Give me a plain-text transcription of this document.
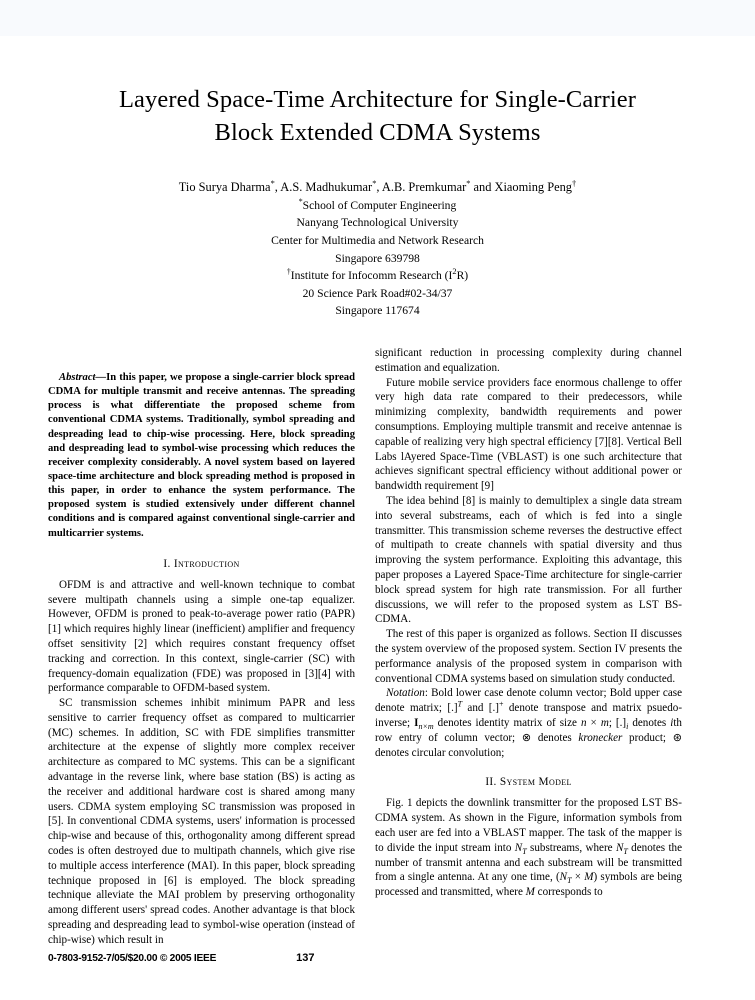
Layered Space-Time Architecture for Single-Carrier
Block Extended CDMA Systems
Tio Surya Dharma*, A.S. Madhukumar*, A.B. Premkumar* and Xiaoming Peng†
*School of Computer Engineering
Nanyang Technological University
Center for Multimedia and Network Research
Singapore 639798
†Institute for Infocomm Research $(I^2R)$
20 Science Park Road#02-34/37
Singapore 117674

Abstract—In this paper, we propose a single-carrier block spread CDMA for multiple transmit and receive antennas. The spreading process is what differentiate the proposed scheme from conventional CDMA systems. Traditionally, symbol spreading and despreading lead to chip-wise processing. Here, block spreading and despreading lead to symbol-wise processing which reduces the receiver complexity considerably. A novel system based on layered space-time architecture and block spreading method is proposed in this paper, in order to enhance the system performance. The proposed system is studied extensively under different channel conditions and is compared against conventional single-carrier and multicarrier systems.

I. Introduction

OFDM is and attractive and well-known technique to combat severe multipath channels using a simple one-tap equalizer. However, OFDM is proned to peak-to-average power ratio (PAPR) [1] which requires highly linear (inefficient) amplifier and frequency offset sensitivity [2] which requires constant frequency offset tracking and correction. In this context, single-carrier (SC) with frequency-domain equalization (FDE) was proposed in [3][4] with performance comparable to OFDM-based system.

SC transmission schemes inhibit minimum PAPR and less sensitive to carrier frequency offset as compared to multicarrier (MC) schemes. In addition, SC with FDE simplifies transmitter architecture at the expense of slightly more complex receiver architecture as compared to MC systems. This can be a significant advantage in the reverse link, where base station (BS) is acting as the receiver and additional hardware cost is shared among many users. CDMA system employing SC transmission was proposed in [5]. In conventional CDMA systems, users' information is processed chip-wise and because of this, orthogonality among different spread codes is often destroyed due to multipath channels, which give rise to multiple access interference (MAI). In this paper, block spreading technique proposed in [6] is employed. The block spreading technique alleviate the MAI problem by preserving orthogonality among different users' spread codes. Another advantage is that block spreading and despreading lead to symbol-wise operation (instead of chip-wise) which result in

significant reduction in processing complexity during channel estimation and equalization.

Future mobile service providers face enormous challenge to offer very high data rate compared to their predecessors, while minimizing complexity, bandwidth requirements and power consumptions. Employing multiple transmit and receive antennae is capable of realizing very high spectral efficiency [7][8]. Vertical Bell Labs lAyered Space-Time (VBLAST) is one such architecture that achieves significant spectral efficiency without additional power or bandwidth requirement [9]

The idea behind [8] is mainly to demultiplex a single data stream into several substreams, each of which is fed into a single transmitter. This transmission scheme reverses the destructive effect of multipath to create channels with spatial diversity and thus improving the system performance. Exploiting this advantage, this paper proposes a Layered Space-Time architecture for single-carrier block spread system for high rate transmission. For all further discussions, we will refer to the proposed system as LST BS-CDMA.

The rest of this paper is organized as follows. Section II discusses the system overview of the proposed system. Section IV presents the performance analysis of the proposed system in comparison with conventional CDMA systems based on simulation study conducted.

Notation: Bold lower case denote column vector; Bold upper case denote matrix; [.]$^T$ and [.]+ denote transpose and matrix psuedo-inverse; $I_{n\times m}$ denotes identity matrix of size n × m; $[.]_i$ denotes ith row entry of column vector; ⊗ denotes kronecker product; ⊛ denotes circular convolution;

II. System Model

Fig. 1 depicts the downlink transmitter for the proposed LST BS-CDMA system. As shown in the Figure, information symbols from each user are fed into a VBLAST mapper. The task of the mapper is to divide the input stream into $N_T$ substreams, where $N_T$ denotes the number of transmit antenna and each substream will be transmitted from a single antenna. At any one time, $(N_T \times M)$ symbols are being processed and transmitted, where M corresponds to

0-7803-9152-7/05/$20.00 © 2005 IEEE	137
